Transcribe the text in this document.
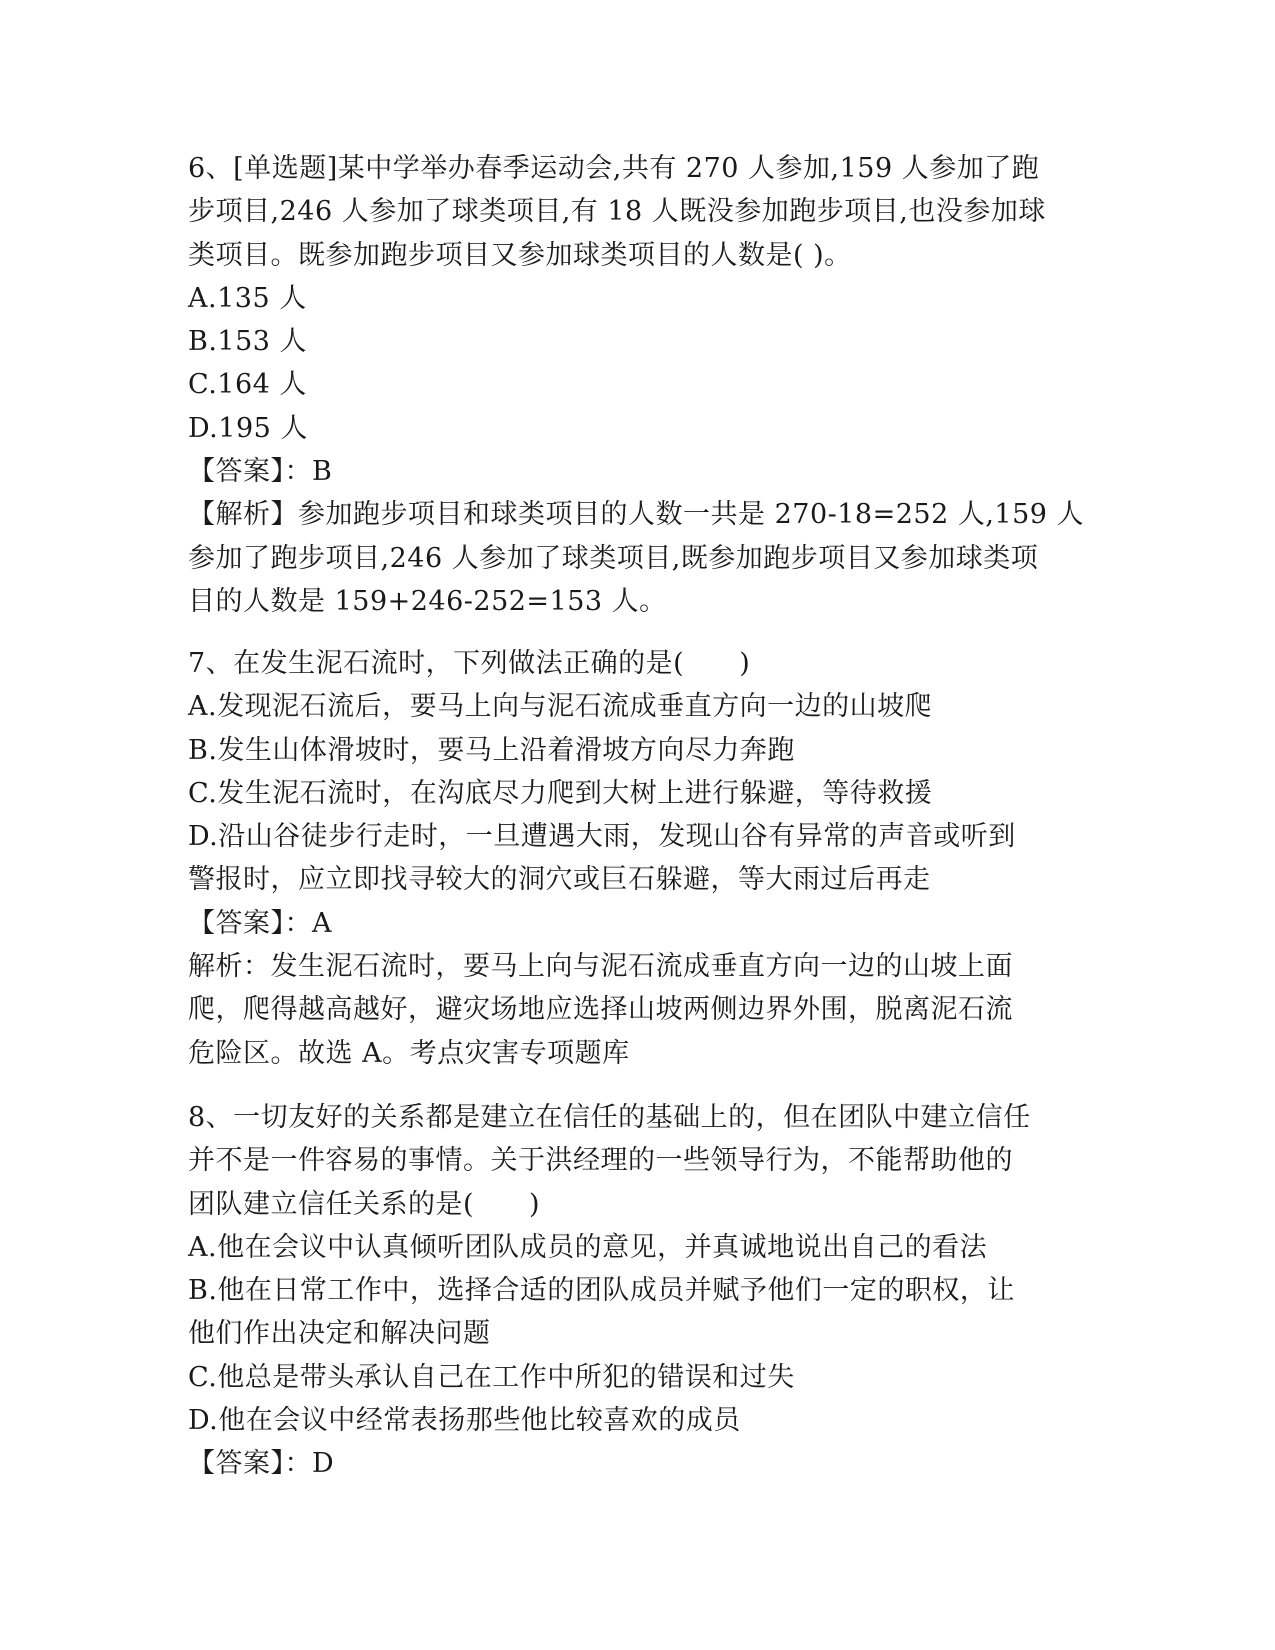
6、[单选题]某中学举办春季运动会,共有 270 人参加,159 人参加了跑
步项目,246 人参加了球类项目,有 18 人既没参加跑步项目,也没参加球
类项目。既参加跑步项目又参加球类项目的人数是( )。
A.135 人
B.153 人
C.164 人
D.195 人
【答案】：B
【解析】参加跑步项目和球类项目的人数一共是 270-18=252 人,159 人
参加了跑步项目,246 人参加了球类项目,既参加跑步项目又参加球类项
目的人数是 159+246-252=153 人。
7、在发生泥石流时，下列做法正确的是(　　)
A.发现泥石流后，要马上向与泥石流成垂直方向一边的山坡爬
B.发生山体滑坡时，要马上沿着滑坡方向尽力奔跑
C.发生泥石流时，在沟底尽力爬到大树上进行躲避，等待救援
D.沿山谷徒步行走时，一旦遭遇大雨，发现山谷有异常的声音或听到
警报时，应立即找寻较大的洞穴或巨石躲避，等大雨过后再走
【答案】：A
解析：发生泥石流时，要马上向与泥石流成垂直方向一边的山坡上面
爬，爬得越高越好，避灾场地应选择山坡两侧边界外围，脱离泥石流
危险区。故选 A。考点灾害专项题库
8、一切友好的关系都是建立在信任的基础上的，但在团队中建立信任
并不是一件容易的事情。关于洪经理的一些领导行为，不能帮助他的
团队建立信任关系的是(　　)
A.他在会议中认真倾听团队成员的意见，并真诚地说出自己的看法
B.他在日常工作中，选择合适的团队成员并赋予他们一定的职权，让
他们作出决定和解决问题
C.他总是带头承认自己在工作中所犯的错误和过失
D.他在会议中经常表扬那些他比较喜欢的成员
【答案】：D
